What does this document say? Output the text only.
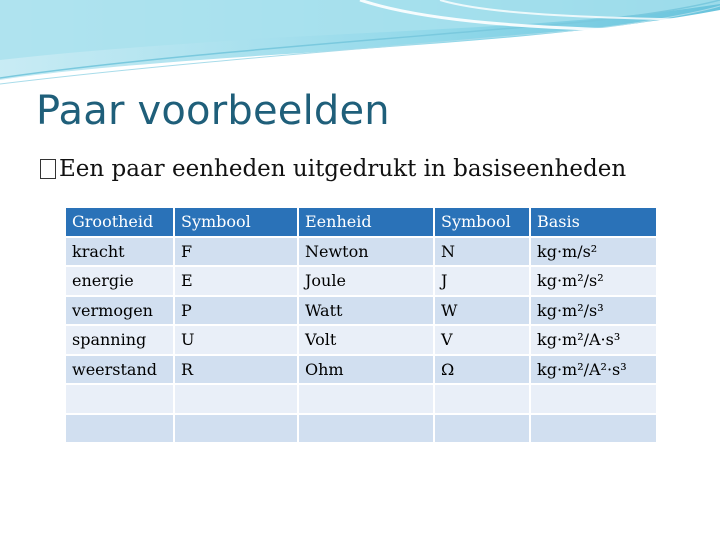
Paar voorbeelden
Een paar eenheden uitgedrukt in basiseenheden
Grootheid	Symbool	Eenheid	Symbool	Basis
kracht	F	Newton	N	kg·m/s²
energie	E	Joule	J	kg·m²/s²
vermogen	P	Watt	W	kg·m²/s³
spanning	U	Volt	V	kg·m²/A·s³
weerstand	R	Ohm	Ω	kg·m²/A²·s³
